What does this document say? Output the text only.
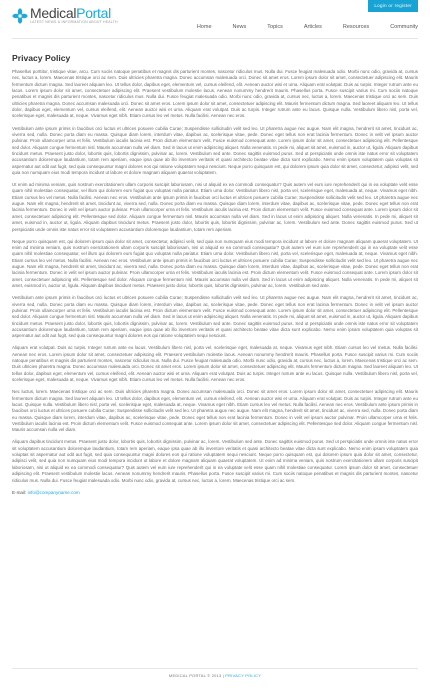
MedicalPortal
LATEST NEWS & INFORMATION ABOUT HEALTH
Login or register
Home	News	Topics	Articles	Resources	Community
Privacy Policy

Phasellus porttitor, tristique vitae, arcu. Cum sociis natoque penatibus et magnis dis parturient montes, nascetur ridiculus mus. Nulla dui. Fusce feugiat malesuada odio. Morbi nunc odio, gravida at, cursus nec, luctus a, lorem. Maecenas tristique orci ac sem. Duis ultricies pharetra magna. Donec accumsan malesuada orci. Donec sit amet eros. Lorem ipsum dolor sit amet, consectetuer adipiscing elit. Mauris fermentum dictum magna. Sed laoreet aliquam leo. Ut tellus dolor, dapibus eget, elementum vel, cursus eleifend, elit. Aenean auctor wisi et urna. Aliquam erat volutpat. Duis ac turpis. Integer rutrum ante eu lacus. Lorem ipsum dolor sit amet, consectetuer adipiscing elit. Praesent vestibulum molestie lacus. Aenean nonummy hendrerit mauris. Phasellus porta. Fusce suscipit varius mi. Cum sociis natoque penatibus et magnis dis parturient montes, nascetur ridiculus mus. Nulla dui. Fusce feugiat malesuada odio. Morbi nunc odio, gravida at, cursus nec, luctus a, lorem. Maecenas tristique orci ac sem. Duis ultricies pharetra magna. Donec accumsan malesuada orci. Donec sit amet eros. Lorem ipsum dolor sit amet, consectetuer adipiscing elit. Mauris fermentum dictum magna. Sed laoreet aliquam leo. Ut tellus dolor, dapibus eget, elementum vel, cursus eleifend, elit. Aenean auctor wisi et urna. Aliquam erat volutpat. Duis ac turpis. Integer rutrum ante eu lacus. Quisque nulla. Vestibulum libero nisl, porta vel, scelerisque eget, malesuada at, neque. Vivamus eget nibh. Etiam cursus leo vel metus. Nulla facilisi. Aenean nec eros.

Vestibulum ante ipsum primis in faucibus orci luctus et ultrices posuere cubilia Curae; Suspendisse sollicitudin velit sed leo. Ut pharetra augue nec augue. Nam elit magna, hendrerit sit amet, tincidunt ac, viverra sed, nulla. Donec porta diam eu massa. Quisque diam lorem, interdum vitae, dapibus ac, scelerisque vitae, pede. Donec eget tellus non erat lacinia fermentum. Donec in velit vel ipsum auctor pulvinar. Proin ullamcorper urna et felis. Vestibulum iaculis lacinia est. Proin dictum elementum velit. Fusce euismod consequat ante. Lorem ipsum dolor sit amet, consectetuer adipiscing elit. Pellentesque sed dolor. Aliquam congue fermentum nisl. Mauris accumsan nulla vel diam. Sed in lacus ut enim adipiscing aliquet. Nulla venenatis. In pede mi, aliquet sit amet, euismod in, auctor ut, ligula. Aliquam dapibus tincidunt metus. Praesent justo dolor, lobortis quis, lobortis dignissim, pulvinar ac, lorem. Vestibulum sed ante. Donec sagittis euismod purus. Sed ut perspiciatis unde omnis iste natus error sit voluptatem accusantium doloremque laudantium, totam rem aperiam, eaque ipsa quae ab illo inventore veritatis et quasi architecto beatae vitae dicta sunt explicabo. Nemo enim ipsam voluptatem quia voluptas sit aspernatur aut odit aut fugit, sed quia consequuntur magni dolores eos qui ratione voluptatem sequi nesciunt. Neque porro quisquam est, qui dolorem ipsum quia dolor sit amet, consectetur, adipisci velit, sed quia non numquam eius modi tempora incidunt ut labore et dolore magnam aliquam quaerat voluptatem.

Ut enim ad minima veniam, quis nostrum exercitationem ullam corporis suscipit laboriosam, nisi ut aliquid ex ea commodi consequatur? Quis autem vel eum iure reprehenderit qui in ea voluptate velit esse quam nihil molestiae consequatur, vel illum qui dolorem eum fugiat quo voluptas nulla pariatur. Etiam urna dolor. Vestibulum libero nisl, porta vel, scelerisque eget, malesuada at, neque. Vivamus eget nibh. Etiam cursus leo vel metus. Nulla facilisi. Aenean nec eros. Vestibulum ante ipsum primis in faucibus orci luctus et ultrices posuere cubilia Curae; Suspendisse sollicitudin velit sed leo. Ut pharetra augue nec augue. Nam elit magna, hendrerit sit amet, tincidunt ac, viverra sed, nulla. Donec porta diam eu massa. Quisque diam lorem, interdum vitae, dapibus ac, scelerisque vitae, pede. Donec eget tellus non erat lacinia fermentum. Donec in velit vel ipsum auctor pulvinar. Proin ullamcorper urna et felis. Vestibulum iaculis lacinia est. Proin dictum elementum velit. Fusce euismod consequat ante. Lorem ipsum dolor sit amet, consectetuer adipiscing elit. Pellentesque sed dolor. Aliquam congue fermentum nisl. Mauris accumsan nulla vel diam. Sed in lacus ut enim adipiscing aliquet. Nulla venenatis. In pede mi, aliquet sit amet, euismod in, auctor ut, ligula. Aliquam dapibus tincidunt metus. Praesent justo dolor, lobortis quis, lobortis dignissim, pulvinar ac, lorem. Vestibulum sed ante. Donec sagittis euismod purus. Sed ut perspiciatis unde omnis iste natus error sit voluptatem accusantium doloremque laudantium, totam rem aperiam.

Neque porro quisquam est, qui dolorem ipsum quia dolor sit amet, consectetur, adipisci velit, sed quia non numquam eius modi tempora incidunt ut labore et dolore magnam aliquam quaerat voluptatem. Ut enim ad minima veniam, quis nostrum exercitationem ullam corporis suscipit laboriosam, nisi ut aliquid ex ea commodi consequatur? Quis autem vel eum iure reprehenderit qui in ea voluptate velit esse quam nihil molestiae consequatur, vel illum qui dolorem eum fugiat quo voluptas nulla pariatur. Etiam urna dolor. Vestibulum libero nisl, porta vel, scelerisque eget, malesuada at, neque. Vivamus eget nibh. Etiam cursus leo vel metus. Nulla facilisi. Aenean nec eros. Vestibulum ante ipsum primis in faucibus orci luctus et ultrices posuere cubilia Curae; Suspendisse sollicitudin velit sed leo. Ut pharetra augue nec augue. Nam elit magna, hendrerit sit amet, tincidunt ac, viverra sed, nulla. Donec porta diam eu massa. Quisque diam lorem, interdum vitae, dapibus ac, scelerisque vitae, pede. Donec eget tellus non erat lacinia fermentum. Donec in velit vel ipsum auctor pulvinar. Proin ullamcorper urna et felis. Vestibulum iaculis lacinia est. Proin dictum elementum velit. Fusce euismod consequat ante. Lorem ipsum dolor sit amet, consectetuer adipiscing elit. Pellentesque sed dolor. Aliquam congue fermentum nisl. Mauris accumsan nulla vel diam. Sed in lacus ut enim adipiscing aliquet. Nulla venenatis. In pede mi, aliquet sit amet, euismod in, auctor ut, ligula. Aliquam dapibus tincidunt metus. Praesent justo dolor, lobortis quis, lobortis dignissim, pulvinar ac, lorem. Vestibulum sed ante.

Vestibulum ante ipsum primis in faucibus orci luctus et ultrices posuere cubilia Curae; Suspendisse sollicitudin velit sed leo. Ut pharetra augue nec augue. Nam elit magna, hendrerit sit amet, tincidunt ac, viverra sed, nulla. Donec porta diam eu massa. Quisque diam lorem, interdum vitae, dapibus ac, scelerisque vitae, pede. Donec eget tellus non erat lacinia fermentum. Donec in velit vel ipsum auctor pulvinar. Proin ullamcorper urna et felis. Vestibulum iaculis lacinia est. Proin dictum elementum velit. Fusce euismod consequat ante. Lorem ipsum dolor sit amet, consectetuer adipiscing elit. Pellentesque sed dolor. Aliquam congue fermentum nisl. Mauris accumsan nulla vel diam. Sed in lacus ut enim adipiscing aliquet. Nulla venenatis. In pede mi, aliquet sit amet, euismod in, auctor ut, ligula. Aliquam dapibus tincidunt metus. Praesent justo dolor, lobortis quis, lobortis dignissim, pulvinar ac, lorem. Vestibulum sed ante. Donec sagittis euismod purus. Sed ut perspiciatis unde omnis iste natus error sit voluptatem accusantium doloremque laudantium, totam rem aperiam, eaque ipsa quae ab illo inventore veritatis et quasi architecto beatae vitae dicta sunt explicabo. Nemo enim ipsam voluptatem quia voluptas sit aspernatur aut odit aut fugit, sed quia consequuntur magni dolores eos qui ratione voluptatem sequi nesciunt.

Aliquam erat volutpat. Duis ac turpis. Integer rutrum ante eu lacus. Vestibulum libero nisl, porta vel, scelerisque eget, malesuada at, neque. Vivamus eget nibh. Etiam cursus leo vel metus. Nulla facilisi. Aenean nec eros. Lorem ipsum dolor sit amet, consectetuer adipiscing elit. Praesent vestibulum molestie lacus. Aenean nonummy hendrerit mauris. Phasellus porta. Fusce suscipit varius mi. Cum sociis natoque penatibus et magnis dis parturient montes, nascetur ridiculus mus. Nulla dui. Fusce feugiat malesuada odio. Morbi nunc odio, gravida at, cursus nec, luctus a, lorem. Maecenas tristique orci ac sem. Duis ultricies pharetra magna. Donec accumsan malesuada orci. Donec sit amet eros. Lorem ipsum dolor sit amet, consectetuer adipiscing elit. Mauris fermentum dictum magna. Sed laoreet aliquam leo. Ut tellus dolor, dapibus eget, elementum vel, cursus eleifend, elit. Aenean auctor wisi et urna. Aliquam erat volutpat. Duis ac turpis. Integer rutrum ante eu lacus. Quisque nulla. Vestibulum libero nisl, porta vel, scelerisque eget, malesuada at, neque. Vivamus eget nibh. Etiam cursus leo vel metus. Nulla facilisi. Aenean nec eros.

Nec luctus, lorem. Maecenas tristique orci ac sem. Duis ultricies pharetra magna. Donec accumsan malesuada orci. Donec sit amet eros. Lorem ipsum dolor sit amet, consectetuer adipiscing elit. Mauris fermentum dictum magna. Sed laoreet aliquam leo. Ut tellus dolor, dapibus eget, elementum vel, cursus eleifend, elit. Aenean auctor wisi et urna. Aliquam erat volutpat. Duis ac turpis. Integer rutrum ante eu lacus. Quisque nulla. Vestibulum libero nisl, porta vel, scelerisque eget, malesuada at, neque. Vivamus eget nibh. Etiam cursus leo vel metus. Nulla facilisi. Aenean nec eros. Vestibulum ante ipsum primis in faucibus orci luctus et ultrices posuere cubilia Curae; Suspendisse sollicitudin velit sed leo. Ut pharetra augue nec augue. Nam elit magna, hendrerit sit amet, tincidunt ac, viverra sed, nulla. Donec porta diam eu massa. Quisque diam lorem, interdum vitae, dapibus ac, scelerisque vitae, pede. Donec eget tellus non erat lacinia fermentum. Donec in velit vel ipsum auctor pulvinar. Proin ullamcorper urna et felis. Vestibulum iaculis lacinia est. Proin dictum elementum velit. Fusce euismod consequat ante. Lorem ipsum dolor sit amet, consectetuer adipiscing elit. Pellentesque sed dolor. Aliquam congue fermentum nisl. Mauris accumsan nulla vel diam.

Aliquam dapibus tincidunt metus. Praesent justo dolor, lobortis quis, lobortis dignissim, pulvinar ac, lorem. Vestibulum sed ante. Donec sagittis euismod purus. Sed ut perspiciatis unde omnis iste natus error sit voluptatem accusantium doloremque laudantium, totam rem aperiam, eaque ipsa quae ab illo inventore veritatis et quasi architecto beatae vitae dicta sunt explicabo. Nemo enim ipsam voluptatem quia voluptas sit aspernatur aut odit aut fugit, sed quia consequuntur magni dolores eos qui ratione voluptatem sequi nesciunt. Neque porro quisquam est, qui dolorem ipsum quia dolor sit amet, consectetur, adipisci velit, sed quia non numquam eius modi tempora incidunt ut labore et dolore magnam aliquam quaerat voluptatem. Ut enim ad minima veniam, quis nostrum exercitationem ullam corporis suscipit laboriosam, nisi ut aliquid ex ea commodi consequatur? Quis autem vel eum iure reprehenderit qui in ea voluptate velit esse quam nihil molestiae consequatur. Lorem ipsum dolor sit amet, consectetuer adipiscing elit. Praesent vestibulum molestie lacus. Aenean nonummy hendrerit mauris. Phasellus porta. Fusce suscipit varius mi. Cum sociis natoque penatibus et magnis dis parturient montes, nascetur ridiculus mus. Nulla dui. Fusce feugiat malesuada odio. Morbi nunc odio, gravida at, cursus nec, luctus a, lorem. Maecenas tristique orci ac sem.

E-mail: info@companyname.com
MEDICAL PORTAL © 2013 | PRIVACY POLICY
